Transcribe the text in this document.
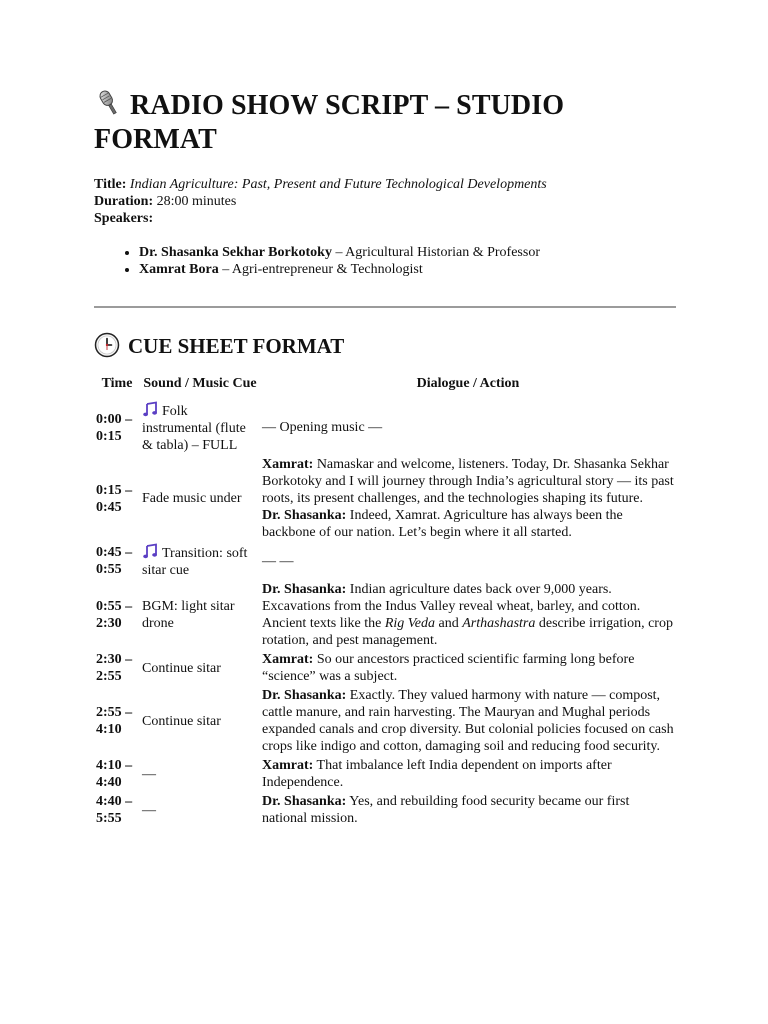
RADIO SHOW SCRIPT – STUDIO FORMAT
Title: Indian Agriculture: Past, Present and Future Technological Developments
Duration: 28:00 minutes
Speakers:
• Dr. Shasanka Sekhar Borkotoky – Agricultural Historian & Professor
• Xamrat Bora – Agri-entrepreneur & Technologist
CUE SHEET FORMAT
Time	Sound / Music Cue	Dialogue / Action
0:00 – 0:15	Folk instrumental (flute & tabla) – FULL	— Opening music —
0:15 – 0:45	Fade music under	Xamrat: Namaskar and welcome, listeners. Today, Dr. Shasanka Sekhar Borkotoky and I will journey through India’s agricultural story — its past roots, its present challenges, and the technologies shaping its future.
Dr. Shasanka: Indeed, Xamrat. Agriculture has always been the backbone of our nation. Let’s begin where it all started.

0:45 – 0:55	Transition: soft sitar cue	— —
0:55 – 2:30	BGM: light sitar drone	Dr. Shasanka: Indian agriculture dates back over 9,000 years. Excavations from the Indus Valley reveal wheat, barley, and cotton. Ancient texts like the Rig Veda and Arthashastra describe irrigation, crop rotation, and pest management.
2:30 – 2:55	Continue sitar	Xamrat: So our ancestors practiced scientific farming long before “science” was a subject.
2:55 – 4:10	Continue sitar	Dr. Shasanka: Exactly. They valued harmony with nature — compost, cattle manure, and rain harvesting. The Mauryan and Mughal periods expanded canals and crop diversity. But colonial policies focused on cash crops like indigo and cotton, damaging soil and reducing food security.
4:10 – 4:40	—	Xamrat: That imbalance left India dependent on imports after Independence.
4:40 – 5:55	—	Dr. Shasanka: Yes, and rebuilding food security became our first national mission.
